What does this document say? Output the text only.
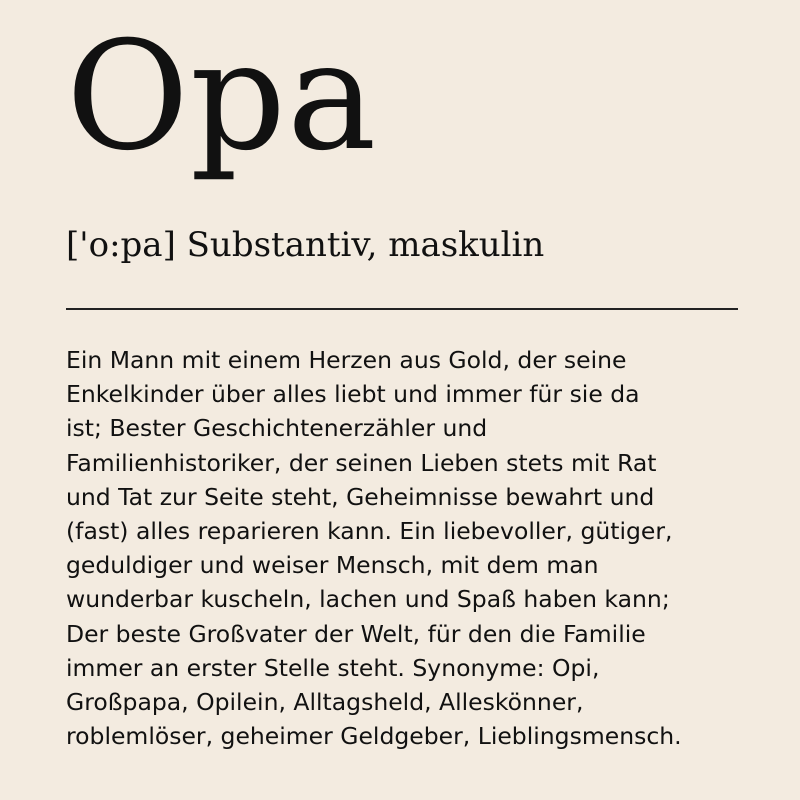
Opa

['o:pa] Substantiv, maskulin

Ein Mann mit einem Herzen aus Gold, der seine
Enkelkinder über alles liebt und immer für sie da
ist; Bester Geschichtenerzähler und
Familienhistoriker, der seinen Lieben stets mit Rat
und Tat zur Seite steht, Geheimnisse bewahrt und
(fast) alles reparieren kann. Ein liebevoller, gütiger,
geduldiger und weiser Mensch, mit dem man
wunderbar kuscheln, lachen und Spaß haben kann;
Der beste Großvater der Welt, für den die Familie
immer an erster Stelle steht. Synonyme: Opi,
Großpapa, Opilein, Alltagsheld, Alleskönner,
roblemlöser, geheimer Geldgeber, Lieblingsmensch.
